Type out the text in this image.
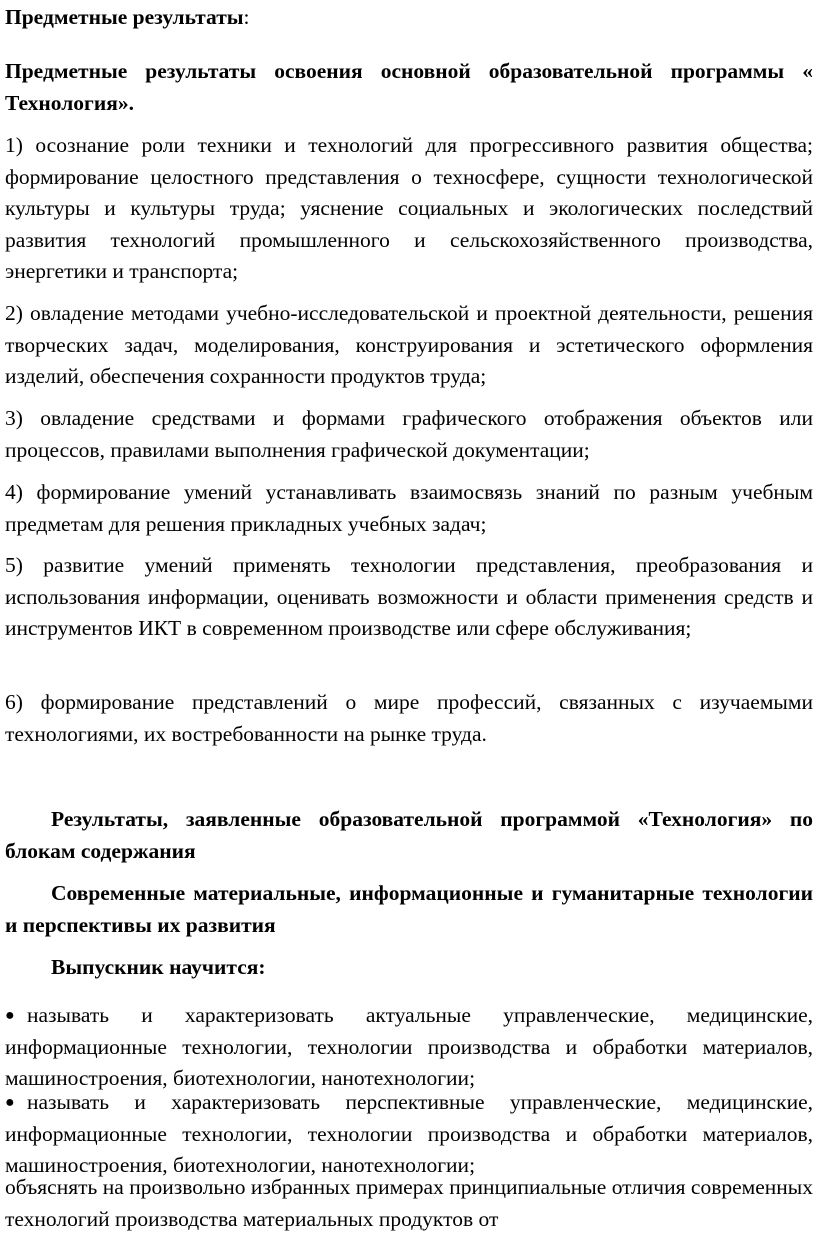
Предметные результаты:
Предметные результаты освоения основной образовательной программы « Технология».
1) осознание роли техники и технологий для прогрессивного развития общества; формирование целостного представления о техносфере, сущности технологической культуры и культуры труда; уяснение социальных и экологических последствий развития технологий промышленного и сельскохозяйственного производства, энергетики и транспорта;
2) овладение методами учебно-исследовательской и проектной деятельности, решения творческих задач, моделирования, конструирования и эстетического оформления изделий, обеспечения сохранности продуктов труда;
3) овладение средствами и формами графического отображения объектов или процессов, правилами выполнения графической документации;
4) формирование умений устанавливать взаимосвязь знаний по разным учебным предметам для решения прикладных учебных задач;
5) развитие умений применять технологии представления, преобразования и использования информации, оценивать возможности и области применения средств и инструментов ИКТ в современном производстве или сфере обслуживания;
6) формирование представлений о мире профессий, связанных с изучаемыми технологиями, их востребованности на рынке труда.
Результаты, заявленные образовательной программой «Технология» по блокам содержания
Современные материальные, информационные и гуманитарные технологии и перспективы их развития
Выпускник научится:
● называть и характеризовать актуальные управленческие, медицинские, информационные технологии, технологии производства и обработки материалов, машиностроения, биотехнологии, нанотехнологии;
● называть и характеризовать перспективные управленческие, медицинские, информационные технологии, технологии производства и обработки материалов, машиностроения, биотехнологии, нанотехнологии;
объяснять на произвольно избранных примерах принципиальные отличия современных технологий производства материальных продуктов от
